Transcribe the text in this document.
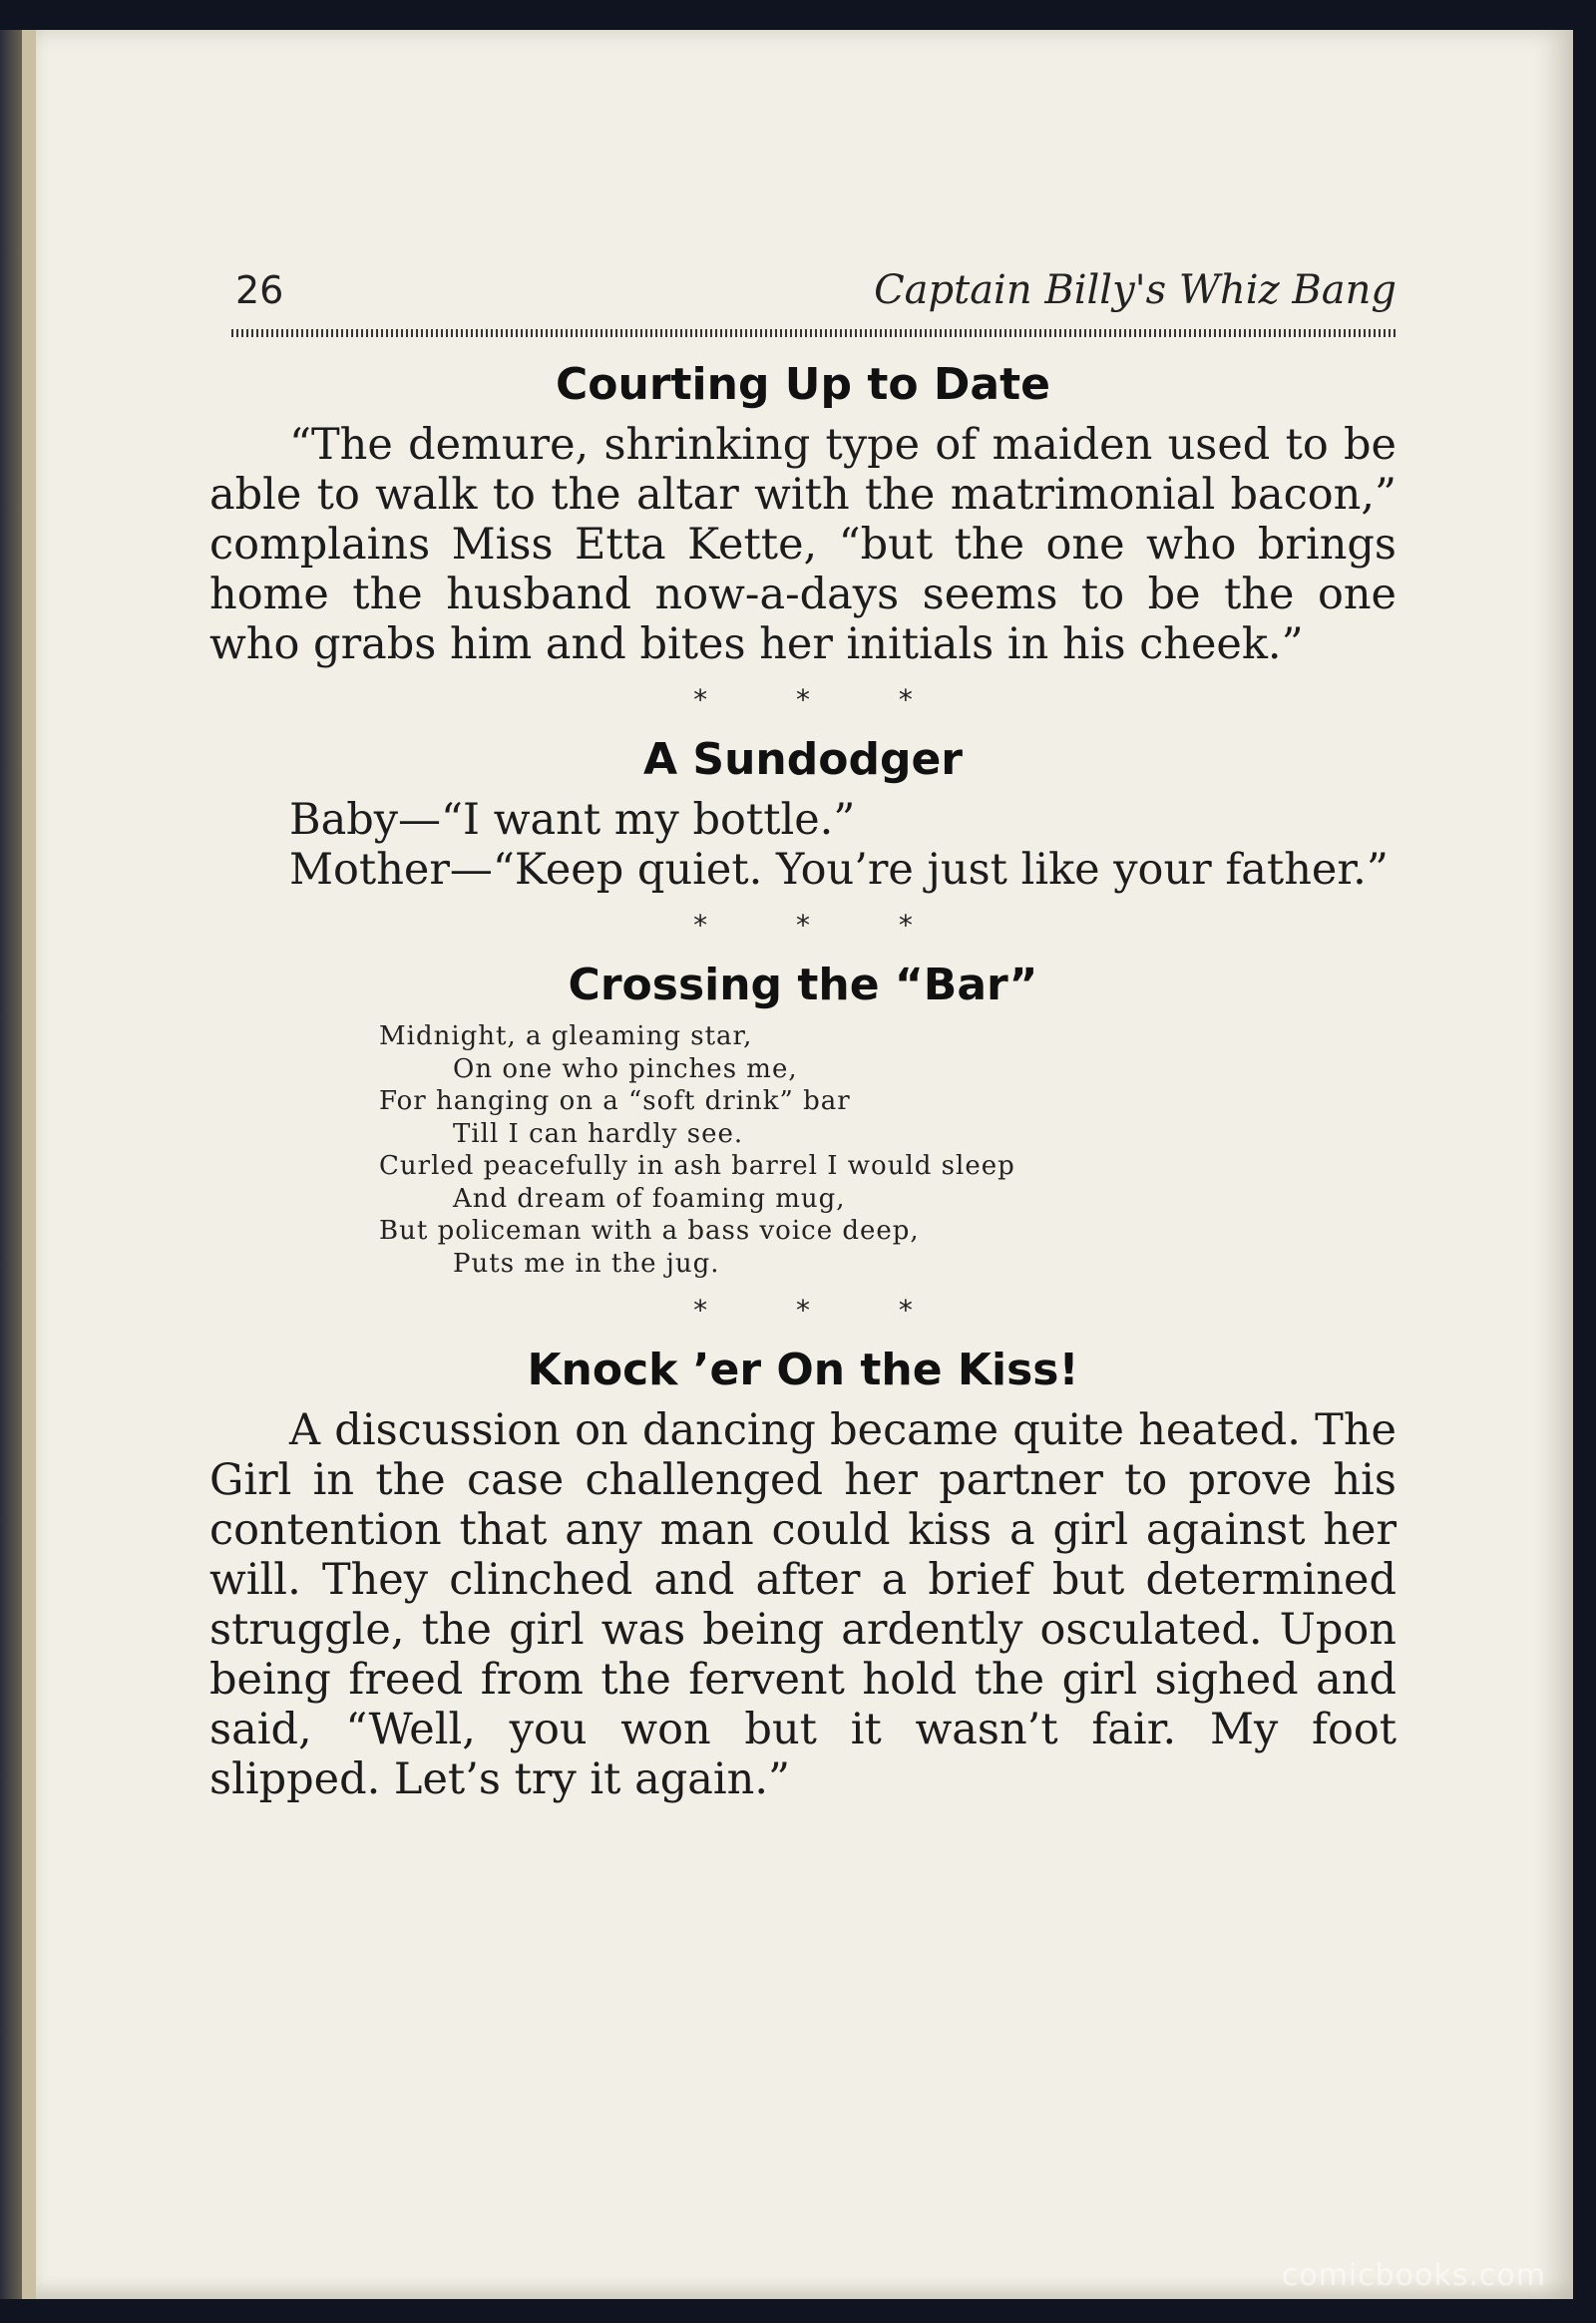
26	Captain Billy's Whiz Bang
Courting Up to Date

“The demure, shrinking type of maiden used to be able to walk to the altar with the matrimonial bacon,” complains Miss Etta Kette, “but the one who brings home the husband now-a-days seems to be the one who grabs him and bites her initials in his cheek.”

* * *
A Sundodger

Baby—“I want my bottle.”

Mother—“Keep quiet. You’re just like your father.”

* * *
Crossing the “Bar”
Midnight, a gleaming star,
On one who pinches me,
For hanging on a “soft drink” bar
Till I can hardly see.
Curled peacefully in ash barrel I would sleep
And dream of foaming mug,
But policeman with a bass voice deep,
Puts me in the jug.
* * *
Knock ’er On the Kiss!

A discussion on dancing became quite heated. The Girl in the case challenged her partner to prove his contention that any man could kiss a girl against her will. They clinched and after a brief but determined struggle, the girl was being ardently osculated. Upon being freed from the fervent hold the girl sighed and said, “Well, you won but it wasn’t fair. My foot slipped. Let’s try it again.”

comicbooks.com
